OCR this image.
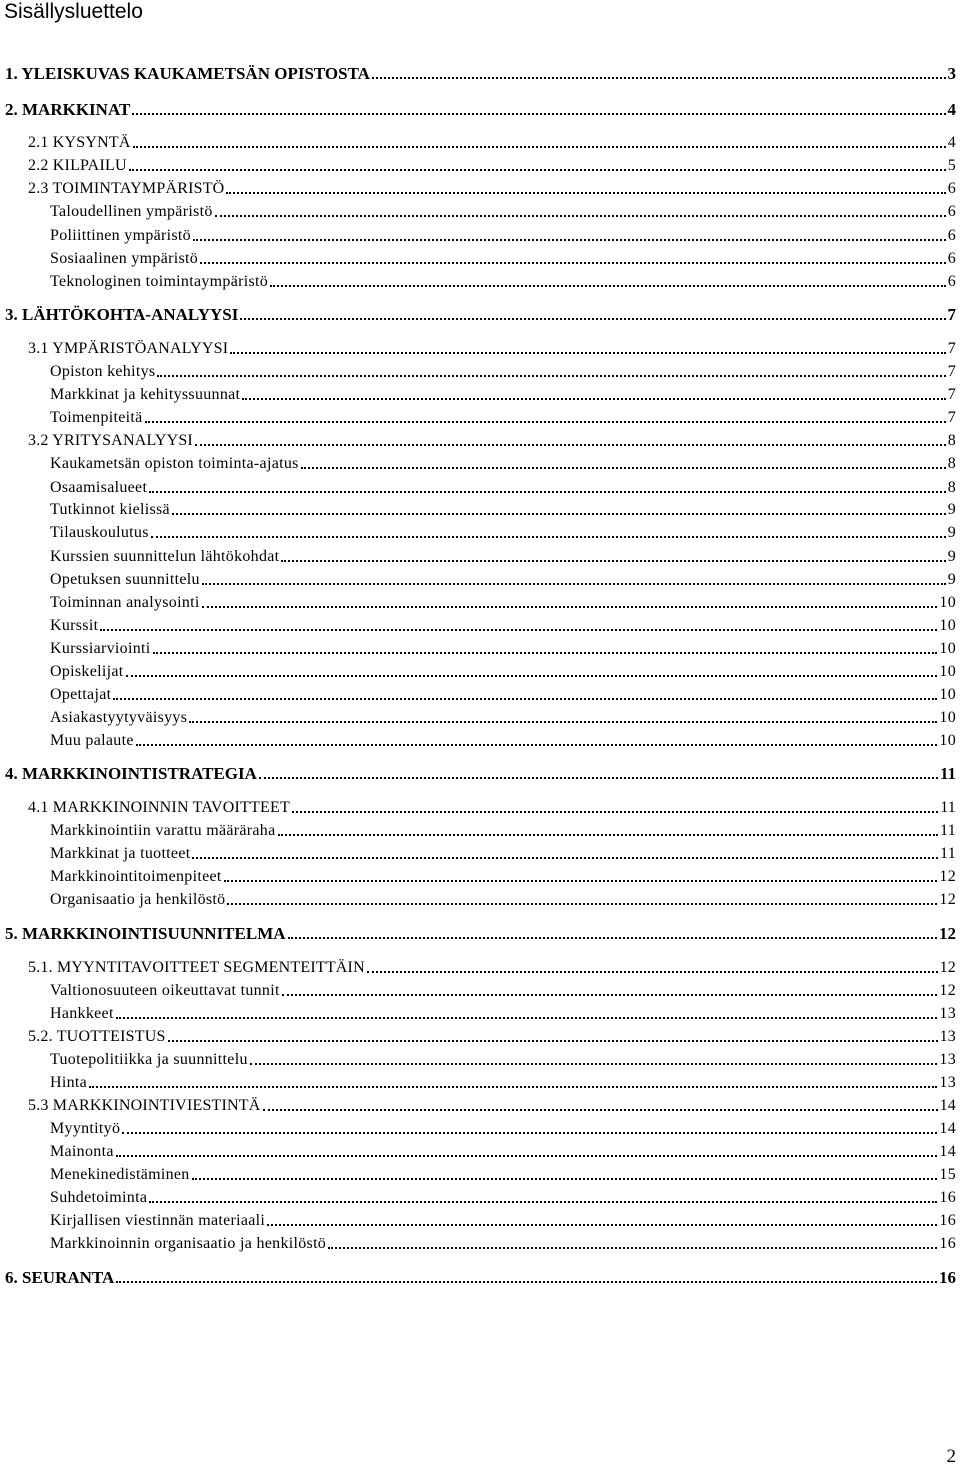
Sisällysluettelo
1. YLEISKUVAS KAUKAMETSÄN OPISTOSTA	3
2. MARKKINAT	4
2.1 KYSYNTÄ	4
2.2 KILPAILU	5
2.3 TOIMINTAYMPÄRISTÖ	6
Taloudellinen ympäristö	6
Poliittinen ympäristö	6
Sosiaalinen ympäristö	6
Teknologinen toimintaympäristö	6
3. LÄHTÖKOHTA-ANALYYSI	7
3.1 YMPÄRISTÖANALYYSI	7
Opiston kehitys	7
Markkinat ja kehityssuunnat	7
Toimenpiteitä	7
3.2 YRITYSANALYYSI	8
Kaukametsän opiston toiminta-ajatus	8
Osaamisalueet	8
Tutkinnot kielissä	9
Tilauskoulutus	9
Kurssien suunnittelun lähtökohdat	9
Opetuksen suunnittelu	9
Toiminnan analysointi	10
Kurssit	10
Kurssiarviointi	10
Opiskelijat	10
Opettajat	10
Asiakastyytyväisyys	10
Muu palaute	10
4. MARKKINOINTISTRATEGIA	11
4.1 MARKKINOINNIN TAVOITTEET	11
Markkinointiin varattu määräraha	11
Markkinat ja tuotteet	11
Markkinointitoimenpiteet	12
Organisaatio ja henkilöstö	12
5. MARKKINOINTISUUNNITELMA	12
5.1. MYYNTITAVOITTEET SEGMENTEITTÄIN	12
Valtionosuuteen oikeuttavat tunnit	12
Hankkeet	13
5.2. TUOTTEISTUS	13
Tuotepolitiikka ja suunnittelu	13
Hinta	13
5.3 MARKKINOINTIVIESTINTÄ	14
Myyntityö	14
Mainonta	14
Menekinedistäminen	15
Suhdetoiminta	16
Kirjallisen viestinnän materiaali	16
Markkinoinnin organisaatio ja henkilöstö	16
6. SEURANTA	16
2
